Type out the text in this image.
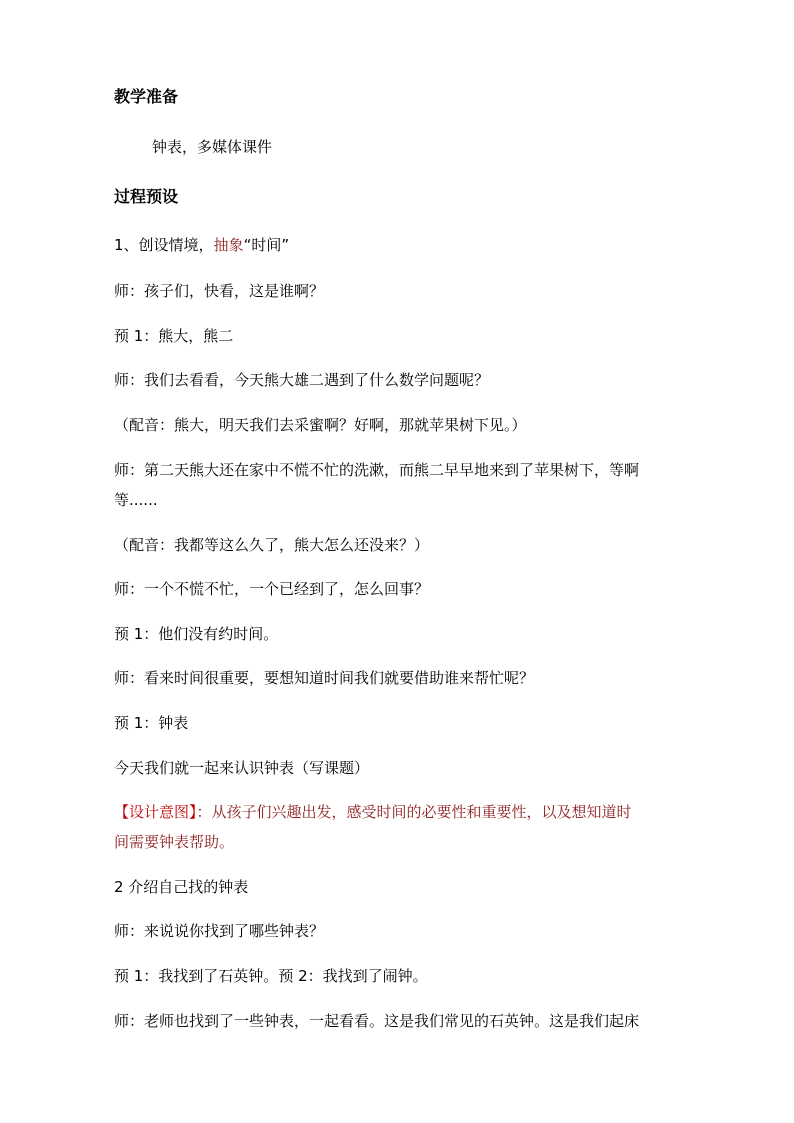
教学准备
钟表，多媒体课件
过程预设
1、创设情境，抽象“时间”
师：孩子们，快看，这是谁啊？
预 1：熊大，熊二
师：我们去看看，今天熊大雄二遇到了什么数学问题呢？
（配音：熊大，明天我们去采蜜啊？好啊，那就苹果树下见。）
师：第二天熊大还在家中不慌不忙的洗漱，而熊二早早地来到了苹果树下，等啊
等......
（配音：我都等这么久了，熊大怎么还没来？）
师：一个不慌不忙，一个已经到了，怎么回事？
预 1：他们没有约时间。
师：看来时间很重要，要想知道时间我们就要借助谁来帮忙呢？
预 1：钟表
今天我们就一起来认识钟表（写课题）
【设计意图】：从孩子们兴趣出发，感受时间的必要性和重要性，以及想知道时
间需要钟表帮助。
2 介绍自己找的钟表
师：来说说你找到了哪些钟表？
预 1：我找到了石英钟。预 2：我找到了闹钟。
师：老师也找到了一些钟表，一起看看。这是我们常见的石英钟。这是我们起床
